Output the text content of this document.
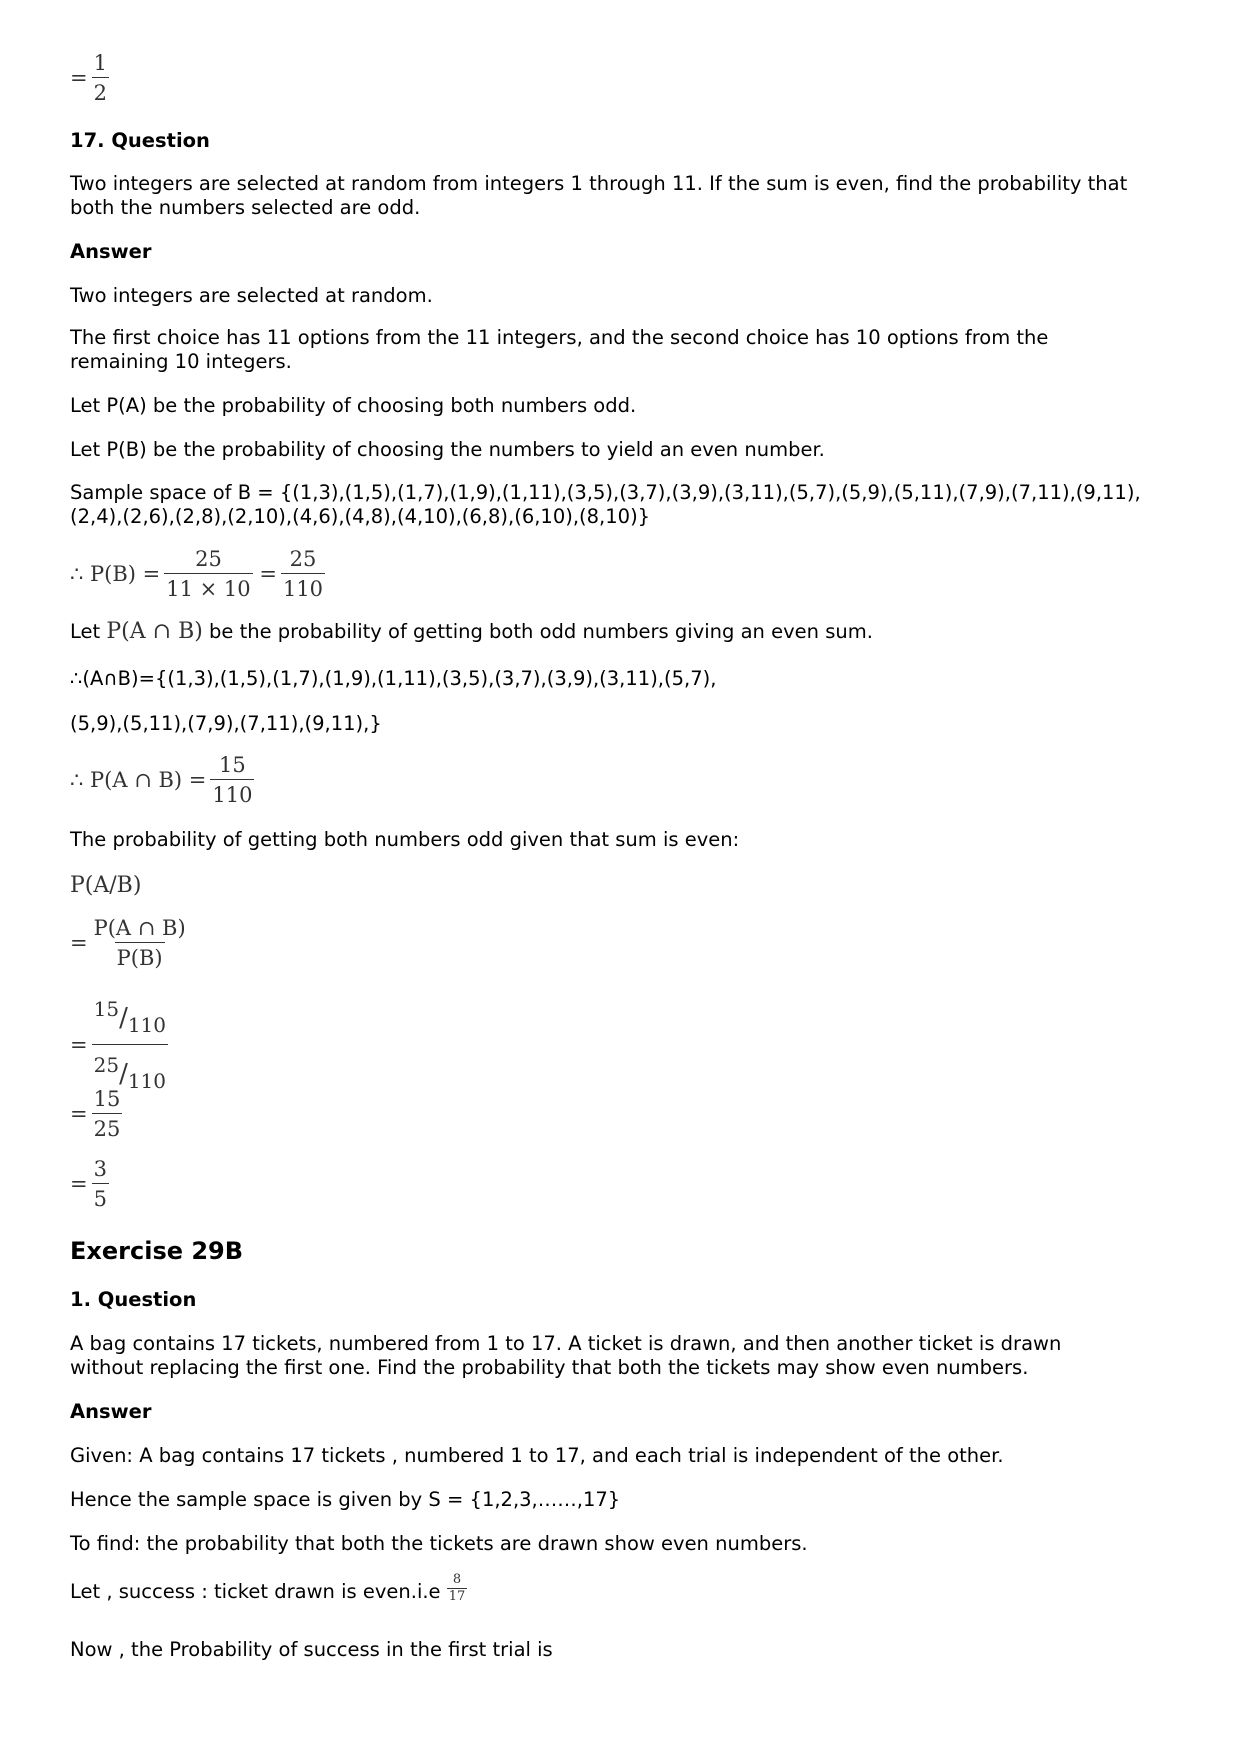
= $\frac{1}{2}$
17. Question
Two integers are selected at random from integers 1 through 11. If the sum is even, find the probability that
both the numbers selected are odd.
Answer
Two integers are selected at random.
The first choice has 11 options from the 11 integers, and the second choice has 10 options from the
remaining 10 integers.
Let P(A) be the probability of choosing both numbers odd.
Let P(B) be the probability of choosing the numbers to yield an even number.
Sample space of B = {(1,3),(1,5),(1,7),(1,9),(1,11),(3,5),(3,7),(3,9),(3,11),(5,7),(5,9),(5,11),(7,9),(7,11),(9,11),
(2,4),(2,6),(2,8),(2,10),(4,6),(4,8),(4,10),(6,8),(6,10),(8,10)}
∴ $P(B) = \frac{25}{11 \times 10} = \frac{25}{110}$
Let P(A ∩ B) be the probability of getting both odd numbers giving an even sum.
∴(A∩B)={(1,3),(1,5),(1,7),(1,9),(1,11),(3,5),(3,7),(3,9),(3,11),(5,7),
(5,9),(5,11),(7,9),(7,11),(9,11),}
∴ P(A ∩ $B) = \frac{15}{110}$
The probability of getting both numbers odd given that sum is even:
P(A/B)
= $\frac{P(A \cap B)}{P(B)}$
= $\frac{^{15}/_{110}}{^{25}/_{110}}$
= $\frac{15}{25}$
= $\frac{3}{5}$
Exercise 29B
1. Question
A bag contains 17 tickets, numbered from 1 to 17. A ticket is drawn, and then another ticket is drawn
without replacing the first one. Find the probability that both the tickets may show even numbers.
Answer
Given: A bag contains 17 tickets , numbered 1 to 17, and each trial is independent of the other.
Hence the sample space is given by S = {1,2,3,……,17}
To find: the probability that both the tickets are drawn show even numbers.
Let , success : ticket drawn is even.i.e $\frac{8}{17}$
Now , the Probability of success in the first trial is
